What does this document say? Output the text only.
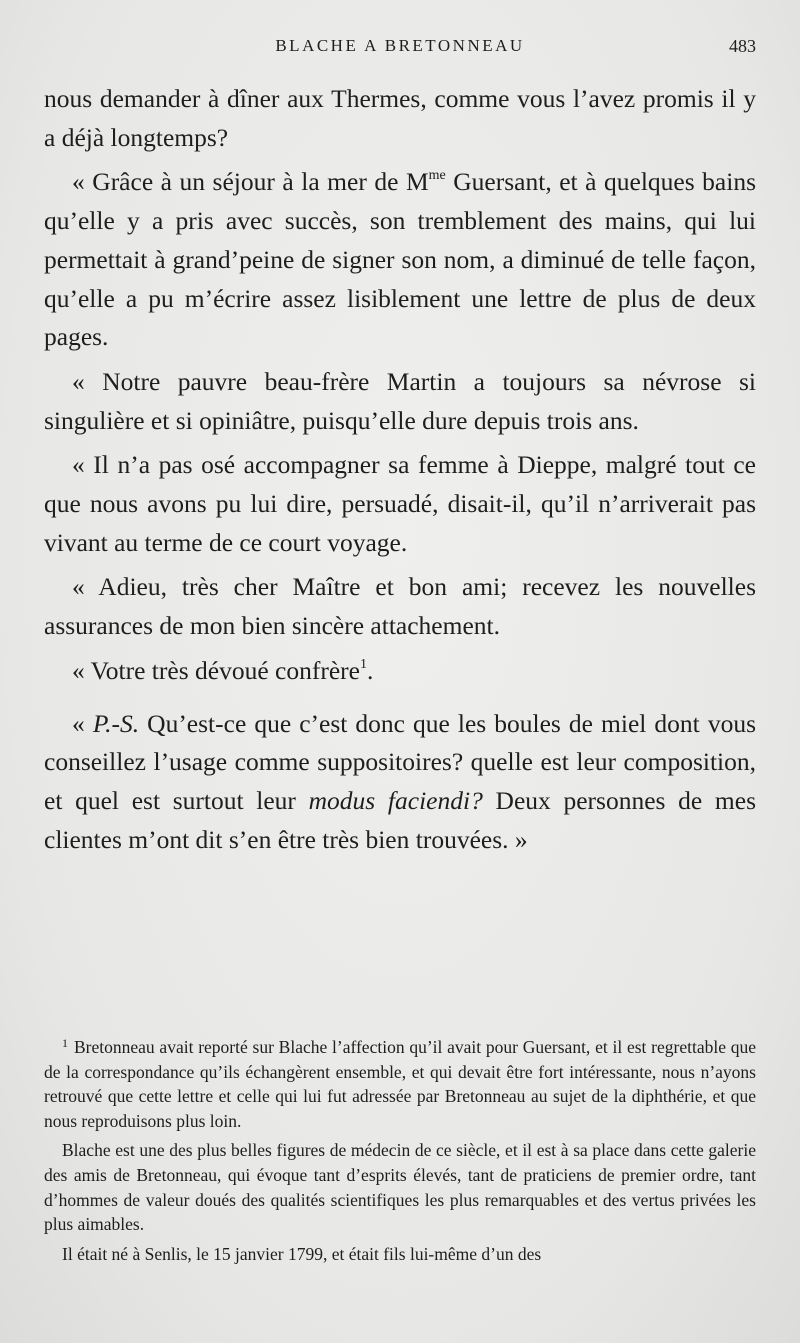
BLACHE A BRETONNEAU	483

nous demander à dîner aux Thermes, comme vous l’avez promis il y a déjà longtemps?

« Grâce à un séjour à la mer de $M^{me}$ Guersant, et à quelques bains qu’elle y a pris avec succès, son tremblement des mains, qui lui permettait à grand’peine de signer son nom, a diminué de telle façon, qu’elle a pu m’écrire assez lisiblement une lettre de plus de deux pages.

« Notre pauvre beau-frère Martin a toujours sa névrose si singulière et si opiniâtre, puisqu’elle dure depuis trois ans.

« Il n’a pas osé accompagner sa femme à Dieppe, malgré tout ce que nous avons pu lui dire, persuadé, disait-il, qu’il n’arriverait pas vivant au terme de ce court voyage.

« Adieu, très cher Maître et bon ami; recevez les nouvelles assurances de mon bien sincère attachement.

« Votre très dévoué confrère$^1$.

« P.-S. Qu’est-ce que c’est donc que les boules de miel dont vous conseillez l’usage comme suppositoires? quelle est leur composition, et quel est surtout leur modus faciendi? Deux personnes de mes clientes m’ont dit s’en être très bien trouvées. »

$^1$ Bretonneau avait reporté sur Blache l’affection qu’il avait pour Guersant, et il est regrettable que de la correspondance qu’ils échangèrent ensemble, et qui devait être fort intéressante, nous n’ayons retrouvé que cette lettre et celle qui lui fut adressée par Bretonneau au sujet de la diphthérie, et que nous reproduisons plus loin.

Blache est une des plus belles figures de médecin de ce siècle, et il est à sa place dans cette galerie des amis de Bretonneau, qui évoque tant d’esprits élevés, tant de praticiens de premier ordre, tant d’hommes de valeur doués des qualités scientifiques les plus remarquables et des vertus privées les plus aimables.

Il était né à Senlis, le 15 janvier 1799, et était fils lui-même d’un des
